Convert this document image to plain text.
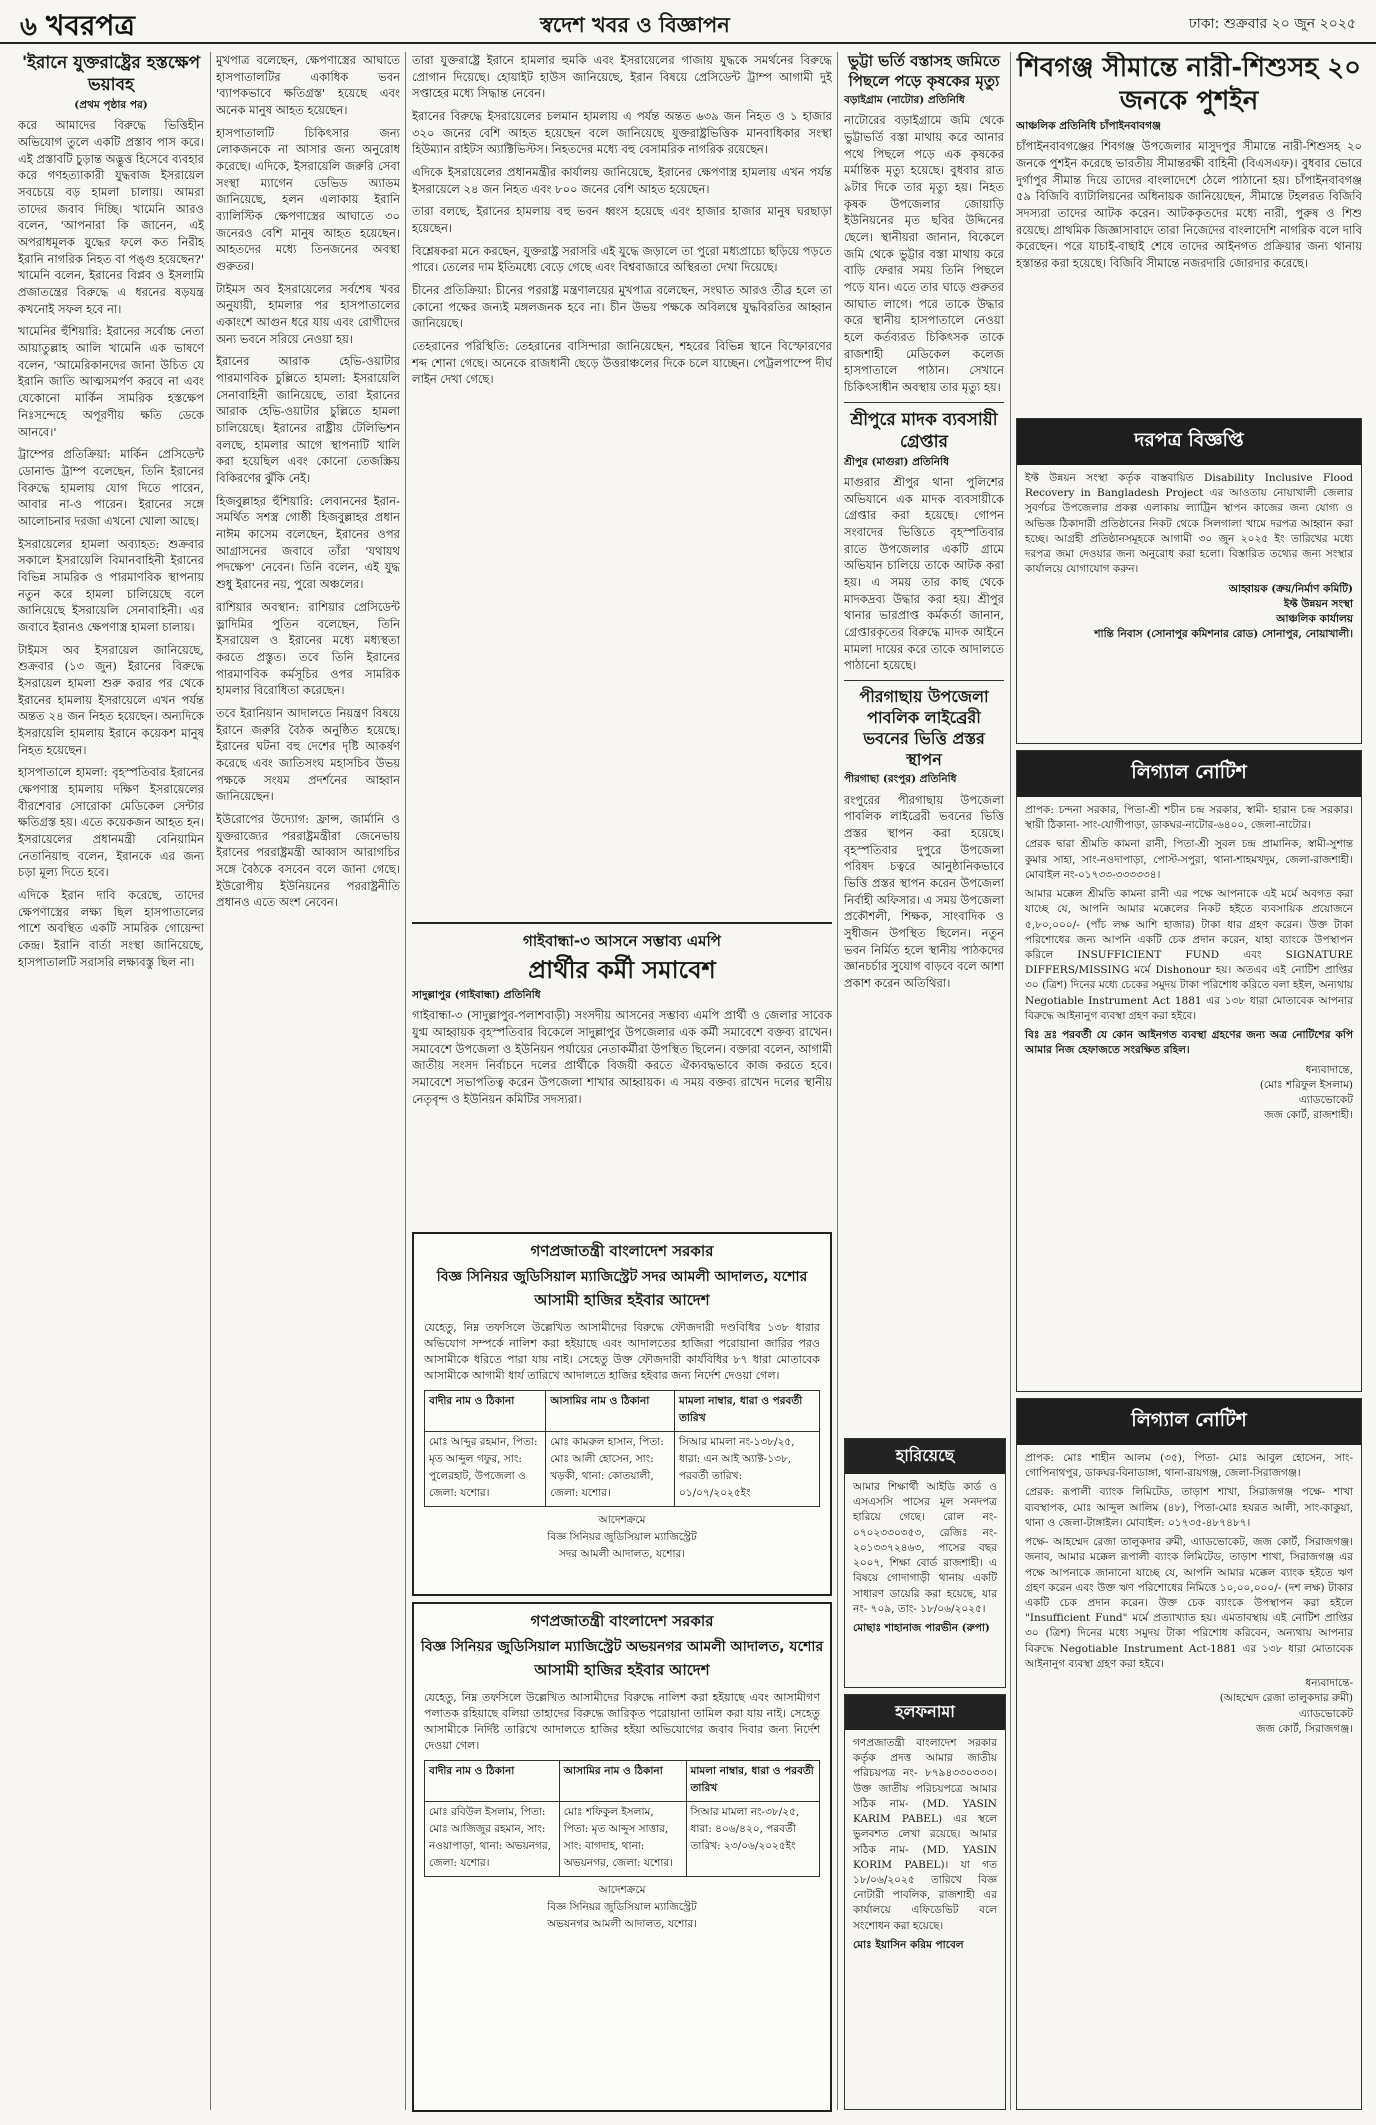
৬ খবরপত্র	স্বদেশ খবর ও বিজ্ঞাপন	ঢাকা: শুক্রবার ২০ জুন ২০২৫
'ইরানে যুক্তরাষ্ট্রের হস্তক্ষেপ ভয়াবহ
(প্রথম পৃষ্ঠার পর)

করে আমাদের বিরুদ্ধে ভিত্তিহীন অভিযোগ তুলে একটি প্রস্তাব পাস করে। এই প্রস্তাবটি চুড়ান্ত অদ্ভুত্ত হিসেবে ব্যবহার করে গণহত্যাকারী যুদ্ধবাজ ইসরায়েল সবচেয়ে বড় হামলা চালায়। আমরা তাদের জবাব দিচ্ছি। খামেনি আরও বলেন, 'আপনারা কি জানেন, এই অপরাধমূলক যুদ্ধের ফলে কত নিরীহ ইরানি নাগরিক নিহত বা পঙ্গু হয়েছেন?' খামেনি বলেন, ইরানের বিপ্লব ও ইসলামি প্রজাতন্ত্রের বিরুদ্ধে এ ধরনের ষড়যন্ত্র কখনোই সফল হবে না।

খামেনির হুঁশিয়ারি: ইরানের সর্বোচ্চ নেতা আয়াতুল্লাহ আলি খামেনি এক ভাষণে বলেন, 'আমেরিকানদের জানা উচিত যে ইরানি জাতি আত্মসমর্পণ করবে না এবং যেকোনো মার্কিন সামরিক হস্তক্ষেপ নিঃসন্দেহে অপূরণীয় ক্ষতি ডেকে আনবে।'

ট্রাম্পের প্রতিক্রিয়া: মার্কিন প্রেসিডেন্ট ডোনাল্ড ট্রাম্প বলেছেন, তিনি ইরানের বিরুদ্ধে হামলায় যোগ দিতে পারেন, আবার না-ও পারেন। ইরানের সঙ্গে আলোচনার দরজা এখনো খোলা আছে।

ইসরায়েলের হামলা অব্যাহত: শুক্রবার সকালে ইসরায়েলি বিমানবাহিনী ইরানের বিভিন্ন সামরিক ও পারমাণবিক স্থাপনায় নতুন করে হামলা চালিয়েছে বলে জানিয়েছে ইসরায়েলি সেনাবাহিনী। এর জবাবে ইরানও ক্ষেপণাস্ত্র হামলা চালায়।

টাইমস অব ইসরায়েল জানিয়েছে, শুক্রবার (১৩ জুন) ইরানের বিরুদ্ধে ইসরায়েল হামলা শুরু করার পর থেকে ইরানের হামলায় ইসরায়েলে এখন পর্যন্ত অন্তত ২৪ জন নিহত হয়েছেন। অন্যদিকে ইসরায়েলি হামলায় ইরানে কয়েকশ মানুষ নিহত হয়েছেন।

হাসপাতালে হামলা: বৃহস্পতিবার ইরানের ক্ষেপণাস্ত্র হামলায় দক্ষিণ ইসরায়েলের বীরশেবার সোরোকা মেডিকেল সেন্টার ক্ষতিগ্রস্ত হয়। এতে কয়েকজন আহত হন। ইসরায়েলের প্রধানমন্ত্রী বেনিয়ামিন নেতানিয়াহু বলেন, ইরানকে এর জন্য চড়া মূল্য দিতে হবে।

এদিকে ইরান দাবি করেছে, তাদের ক্ষেপণাস্ত্রের লক্ষ্য ছিল হাসপাতালের পাশে অবস্থিত একটি সামরিক গোয়েন্দা কেন্দ্র। ইরানি বার্তা সংস্থা জানিয়েছে, হাসপাতালটি সরাসরি লক্ষ্যবস্তু ছিল না।

মুখপাত্র বলেছেন, ক্ষেপণাস্ত্রের আঘাতে হাসপাতালটির একাধিক ভবন 'ব্যাপকভাবে ক্ষতিগ্রস্ত' হয়েছে এবং অনেক মানুষ আহত হয়েছেন।

হাসপাতালটি চিকিৎসার জন্য লোকজনকে না আসার জন্য অনুরোধ করেছে। এদিকে, ইসরায়েলি জরুরি সেবা সংস্থা ম্যাগেন ডেভিড অ্যাডম জানিয়েছে, হলন এলাকায় ইরানি ব্যালিস্টিক ক্ষেপণাস্ত্রের আঘাতে ৩০ জনেরও বেশি মানুষ আহত হয়েছেন। আহতদের মধ্যে তিনজনের অবস্থা গুরুতর।

টাইমস অব ইসরায়েলের সর্বশেষ খবর অনুযায়ী, হামলার পর হাসপাতালের একাংশে আগুন ধরে যায় এবং রোগীদের অন্য ভবনে সরিয়ে নেওয়া হয়।

ইরানের আরাক হেভি-ওয়াটার পারমাণবিক চুল্লিতে হামলা: ইসরায়েলি সেনাবাহিনী জানিয়েছে, তারা ইরানের আরাক হেভি-ওয়াটার চুল্লিতে হামলা চালিয়েছে। ইরানের রাষ্ট্রীয় টেলিভিশন বলছে, হামলার আগে স্থাপনাটি খালি করা হয়েছিল এবং কোনো তেজস্ক্রিয় বিকিরণের ঝুঁকি নেই।

হিজবুল্লাহর হুঁশিয়ারি: লেবাননের ইরান-সমর্থিত সশস্ত্র গোষ্ঠী হিজবুল্লাহর প্রধান নাঈম কাসেম বলেছেন, ইরানের ওপর আগ্রাসনের জবাবে তাঁরা 'যথাযথ পদক্ষেপ' নেবেন। তিনি বলেন, এই যুদ্ধ শুধু ইরানের নয়, পুরো অঞ্চলের।

রাশিয়ার অবস্থান: রাশিয়ার প্রেসিডেন্ট ভ্লাদিমির পুতিন বলেছেন, তিনি ইসরায়েল ও ইরানের মধ্যে মধ্যস্থতা করতে প্রস্তুত। তবে তিনি ইরানের পারমাণবিক কর্মসূচির ওপর সামরিক হামলার বিরোধিতা করেছেন।

তবে ইরানিয়ান আদালতে নিয়ন্ত্রণ বিষয়ে ইরানে জরুরি বৈঠক অনুষ্ঠিত হয়েছে। ইরানের ঘটনা বহু দেশের দৃষ্টি আকর্ষণ করেছে এবং জাতিসংঘ মহাসচিব উভয় পক্ষকে সংযম প্রদর্শনের আহ্বান জানিয়েছেন।

ইউরোপের উদ্যোগ: ফ্রান্স, জার্মানি ও যুক্তরাজ্যের পররাষ্ট্রমন্ত্রীরা জেনেভায় ইরানের পররাষ্ট্রমন্ত্রী আব্বাস আরাগচির সঙ্গে বৈঠকে বসবেন বলে জানা গেছে। ইউরোপীয় ইউনিয়নের পররাষ্ট্রনীতি প্রধানও এতে অংশ নেবেন।

তারা যুক্তরাষ্ট্রে ইরানে হামলার হুমকি এবং ইসরায়েলের গাজায় যুদ্ধকে সমর্থনের বিরুদ্ধে প্রোগান দিয়েছে। হোয়াইট হাউস জানিয়েছে, ইরান বিষয়ে প্রেসিডেন্ট ট্রাম্প আগামী দুই সপ্তাহের মধ্যে সিদ্ধান্ত নেবেন।

ইরানের বিরুদ্ধে ইসরায়েলের চলমান হামলায় এ পর্যন্ত অন্তত ৬৩৯ জন নিহত ও ১ হাজার ৩২০ জনের বেশি আহত হয়েছেন বলে জানিয়েছে যুক্তরাষ্ট্রভিত্তিক মানবাধিকার সংস্থা হিউম্যান রাইটস অ্যাক্টিভিস্টস। নিহতদের মধ্যে বহু বেসামরিক নাগরিক রয়েছেন।

এদিকে ইসরায়েলের প্রধানমন্ত্রীর কার্যালয় জানিয়েছে, ইরানের ক্ষেপণাস্ত্র হামলায় এখন পর্যন্ত ইসরায়েলে ২৪ জন নিহত এবং ৮০০ জনের বেশি আহত হয়েছেন।

তারা বলছে, ইরানের হামলায় বহু ভবন ধ্বংস হয়েছে এবং হাজার হাজার মানুষ ঘরছাড়া হয়েছেন।

বিশ্লেষকরা মনে করছেন, যুক্তরাষ্ট্র সরাসরি এই যুদ্ধে জড়ালে তা পুরো মধ্যপ্রাচ্যে ছড়িয়ে পড়তে পারে। তেলের দাম ইতিমধ্যে বেড়ে গেছে এবং বিশ্ববাজারে অস্থিরতা দেখা দিয়েছে।

চীনের প্রতিক্রিয়া: চীনের পররাষ্ট্র মন্ত্রণালয়ের মুখপাত্র বলেছেন, সংঘাত আরও তীব্র হলে তা কোনো পক্ষের জন্যই মঙ্গলজনক হবে না। চীন উভয় পক্ষকে অবিলম্বে যুদ্ধবিরতির আহ্বান জানিয়েছে।

তেহরানের পরিস্থিতি: তেহরানের বাসিন্দারা জানিয়েছেন, শহরের বিভিন্ন স্থানে বিস্ফোরণের শব্দ শোনা গেছে। অনেকে রাজধানী ছেড়ে উত্তরাঞ্চলের দিকে চলে যাচ্ছেন। পেট্রলপাম্পে দীর্ঘ লাইন দেখা গেছে।

গাইবান্ধা-৩ আসনে সম্ভাব্য এমপি
প্রার্থীর কর্মী সমাবেশ
সাদুল্লাপুর (গাইবান্ধা) প্রতিনিধি

গাইবান্ধা-৩ (সাদুল্লাপুর-পলাশবাড়ী) সংসদীয় আসনের সম্ভাব্য এমপি প্রার্থী ও জেলার সাবেক যুগ্ম আহ্বায়ক বৃহস্পতিবার বিকেলে সাদুল্লাপুর উপজেলার এক কর্মী সমাবেশে বক্তব্য রাখেন। সমাবেশে উপজেলা ও ইউনিয়ন পর্যায়ের নেতাকর্মীরা উপস্থিত ছিলেন। বক্তারা বলেন, আগামী জাতীয় সংসদ নির্বাচনে দলের প্রার্থীকে বিজয়ী করতে ঐক্যবদ্ধভাবে কাজ করতে হবে। সমাবেশে সভাপতিত্ব করেন উপজেলা শাখার আহ্বায়ক। এ সময় বক্তব্য রাখেন দলের স্থানীয় নেতৃবৃন্দ ও ইউনিয়ন কমিটির সদস্যরা।

গণপ্রজাতন্ত্রী বাংলাদেশ সরকার
বিজ্ঞ সিনিয়র জুডিসিয়াল ম্যাজিস্ট্রেট সদর আমলী আদালত, যশোর
আসামী হাজির হইবার আদেশ
যেহেতু, নিম্ন তফসিলে উল্লেখিত আসামীদের বিরুদ্ধে ফৌজদারী দণ্ডবিধির ১৩৮ ধারার অভিযোগ সম্পর্কে নালিশ করা হইয়াছে এবং আদালতের হাজিরা পরোয়ানা জারির পরও আসামীকে ধরিতে পারা যায় নাই। সেহেতু উক্ত ফৌজদারী কার্যবিধির ৮৭ ধারা মোতাবেক আসামীকে আগামী ধার্য তারিখে আদালতে হাজির হইবার জন্য নির্দেশ দেওয়া গেল।
বাদীর নাম ও ঠিকানা	আসামির নাম ও ঠিকানা	মামলা নাম্বার, ধারা ও পরবর্তী তারিখ
মোঃ আব্দুর রহমান, পিতা: মৃত আব্দুল গফুর, সাং: পুলেরহাট, উপজেলা ও জেলা: যশোর।	মোঃ কামরুল হাসান, পিতা: মোঃ আলী হোসেন, সাং: খড়কী, থানা: কোতয়ালী, জেলা: যশোর।	সিআর মামলা নং-১৩৮/২৫, ধারা: এন আই অ্যাক্ট-১৩৮, পরবর্তী তারিখ: ০১/০৭/২০২৫ইং
আদেশক্রমে
বিজ্ঞ সিনিয়র জুডিসিয়াল ম্যাজিস্ট্রেট
সদর আমলী আদালত, যশোর।
গণপ্রজাতন্ত্রী বাংলাদেশ সরকার
বিজ্ঞ সিনিয়র জুডিসিয়াল ম্যাজিস্ট্রেট অভয়নগর আমলী আদালত, যশোর
আসামী হাজির হইবার আদেশ
যেহেতু, নিম্ন তফসিলে উল্লেখিত আসামীদের বিরুদ্ধে নালিশ করা হইয়াছে এবং আসামীগণ পলাতক রহিয়াছে বলিয়া তাহাদের বিরুদ্ধে জারিকৃত পরোয়ানা তামিল করা যায় নাই। সেহেতু আসামীকে নির্দিষ্ট তারিখে আদালতে হাজির হইয়া অভিযোগের জবাব দিবার জন্য নির্দেশ দেওয়া গেল।
বাদীর নাম ও ঠিকানা	আসামির নাম ও ঠিকানা	মামলা নাম্বার, ধারা ও পরবর্তী তারিখ
মোঃ রবিউল ইসলাম, পিতা: মোঃ আজিজুর রহমান, সাং: নওয়াপাড়া, থানা: অভয়নগর, জেলা: যশোর।	মোঃ শফিকুল ইসলাম, পিতা: মৃত আব্দুস সাত্তার, সাং: বাগদাহ, থানা: অভয়নগর, জেলা: যশোর।	সিআর মামলা নং-৩৮/২৫, ধারা: ৪০৬/৪২০, পরবর্তী তারিখ: ২৩/০৬/২০২৫ইং
আদেশক্রমে
বিজ্ঞ সিনিয়র জুডিসিয়াল ম্যাজিস্ট্রেট
অভয়নগর আমলী আদালত, যশোর।
ভুট্টা ভর্তি বস্তাসহ জমিতে পিছলে পড়ে কৃষকের মৃত্যু
বড়াইগ্রাম (নাটোর) প্রতিনিধি

নাটোরের বড়াইগ্রামে জমি থেকে ভুট্টাভর্তি বস্তা মাথায় করে আনার পথে পিছলে পড়ে এক কৃষকের মর্মান্তিক মৃত্যু হয়েছে। বুধবার রাত ৯টার দিকে তার মৃত্যু হয়। নিহত কৃষক উপজেলার জোয়াড়ি ইউনিয়নের মৃত ছবির উদ্দিনের ছেলে। স্থানীয়রা জানান, বিকেলে জমি থেকে ভুট্টার বস্তা মাথায় করে বাড়ি ফেরার সময় তিনি পিছলে পড়ে যান। এতে তার ঘাড়ে গুরুতর আঘাত লাগে। পরে তাকে উদ্ধার করে স্থানীয় হাসপাতালে নেওয়া হলে কর্তব্যরত চিকিৎসক তাকে রাজশাহী মেডিকেল কলেজ হাসপাতালে পাঠান। সেখানে চিকিৎসাধীন অবস্থায় তার মৃত্যু হয়।

শ্রীপুরে মাদক ব্যবসায়ী গ্রেপ্তার
শ্রীপুর (মাগুরা) প্রতিনিধি

মাগুরার শ্রীপুর থানা পুলিশের অভিযানে এক মাদক ব্যবসায়ীকে গ্রেপ্তার করা হয়েছে। গোপন সংবাদের ভিত্তিতে বৃহস্পতিবার রাতে উপজেলার একটি গ্রামে অভিযান চালিয়ে তাকে আটক করা হয়। এ সময় তার কাছ থেকে মাদকদ্রব্য উদ্ধার করা হয়। শ্রীপুর থানার ভারপ্রাপ্ত কর্মকর্তা জানান, গ্রেপ্তারকৃতের বিরুদ্ধে মাদক আইনে মামলা দায়ের করে তাকে আদালতে পাঠানো হয়েছে।

পীরগাছায় উপজেলা পাবলিক লাইব্রেরী ভবনের ভিত্তি প্রস্তর স্থাপন
পীরগাছা (রংপুর) প্রতিনিধি

রংপুরের পীরগাছায় উপজেলা পাবলিক লাইব্রেরী ভবনের ভিত্তি প্রস্তর স্থাপন করা হয়েছে। বৃহস্পতিবার দুপুরে উপজেলা পরিষদ চত্বরে আনুষ্ঠানিকভাবে ভিত্তি প্রস্তর স্থাপন করেন উপজেলা নির্বাহী অফিসার। এ সময় উপজেলা প্রকৌশলী, শিক্ষক, সাংবাদিক ও সুধীজন উপস্থিত ছিলেন। নতুন ভবন নির্মিত হলে স্থানীয় পাঠকদের জ্ঞানচর্চার সুযোগ বাড়বে বলে আশা প্রকাশ করেন অতিথিরা।

হারিয়েছে

আমার শিক্ষার্থী আইডি কার্ড ও এসএসসি পাসের মূল সনদপত্র হারিয়ে গেছে। রোল নং- ০৭০২৩৩০৩৫৩, রেজিঃ নং- ২০১৩৩৭২৪৬৩, পাসের বছর ২০০৭, শিক্ষা বোর্ড রাজশাহী। এ বিষয়ে গোদাগাড়ী থানায় একটি সাধারণ ডায়েরি করা হয়েছে, যার নং- ৭০৯, তাং- ১৮/০৬/২০২৫।

মোছাঃ শাহানাজ পারভীন (রুপা)

হলফনামা

গণপ্রজাতন্ত্রী বাংলাদেশ সরকার কর্তৃক প্রদত্ত আমার জাতীয় পরিচয়পত্র নং- ৮৭৯৪৩৩০৩৩৩। উক্ত জাতীয় পরিচয়পত্রে আমার সঠিক নাম- (MD. YASIN KARIM PABEL) এর স্থলে ভুলবশত লেখা রয়েছে। আমার সঠিক নাম- (MD. YASIN KORIM PABEL)। যা গত ১৮/০৬/২০২৫ তারিখে বিজ্ঞ নোটারী পাবলিক, রাজশাহী এর কার্যালয়ে এফিডেভিট বলে সংশোধন করা হয়েছে।

মোঃ ইয়াসিন করিম পাবেল

শিবগঞ্জ সীমান্তে নারী-শিশুসহ ২০ জনকে পুশইন
আঞ্চলিক প্রতিনিধি চাঁপাইনবাবগঞ্জ

চাঁপাইনবাবগঞ্জের শিবগঞ্জ উপজেলার মাসুদপুর সীমান্তে নারী-শিশুসহ ২০ জনকে পুশইন করেছে ভারতীয় সীমান্তরক্ষী বাহিনী (বিএসএফ)। বুধবার ভোরে দুর্গাপুর সীমান্ত দিয়ে তাদের বাংলাদেশে ঠেলে পাঠানো হয়। চাঁপাইনবাবগঞ্জ ৫৯ বিজিবি ব্যাটালিয়নের অধিনায়ক জানিয়েছেন, সীমান্তে টহলরত বিজিবি সদস্যরা তাদের আটক করেন। আটককৃতদের মধ্যে নারী, পুরুষ ও শিশু রয়েছে। প্রাথমিক জিজ্ঞাসাবাদে তারা নিজেদের বাংলাদেশি নাগরিক বলে দাবি করেছেন। পরে যাচাই-বাছাই শেষে তাদের আইনগত প্রক্রিয়ার জন্য থানায় হস্তান্তর করা হয়েছে। বিজিবি সীমান্তে নজরদারি জোরদার করেছে।

দরপত্র বিজ্ঞপ্তি

ইফ্ট উন্নয়ন সংস্থা কর্তৃক বাস্তবায়িত Disability Inclusive Flood Recovery in Bangladesh Project এর আওতায় নোয়াখালী জেলার সুবর্ণচর উপজেলার প্রকল্প এলাকায় ল্যাট্রিন স্থাপন কাজের জন্য যোগ্য ও অভিজ্ঞ ঠিকাদারী প্রতিষ্ঠানের নিকট থেকে সিলগালা খামে দরপত্র আহ্বান করা হচ্ছে। আগ্রহী প্রতিষ্ঠানসমূহকে আগামী ৩০ জুন ২০২৫ ইং তারিখের মধ্যে দরপত্র জমা দেওয়ার জন্য অনুরোধ করা হলো। বিস্তারিত তথ্যের জন্য সংস্থার কার্যালয়ে যোগাযোগ করুন।

আহ্বায়ক (ক্রয়/নির্মাণ কমিটি)
ইফ্ট উন্নয়ন সংস্থা
আঞ্চলিক কার্যালয়
শান্তি নিবাস (সোনাপুর কমিশনার রোড) সোনাপুর, নোয়াখালী।

লিগ্যাল নোটিশ

প্রাপক: চন্দনা সরকার, পিতা-শ্রী শচীন চন্দ্র সরকার, স্বামী- হারান চন্দ্র সরকার। স্থায়ী ঠিকানা- সাং-যোগীপাড়া, ডাকঘর-নাটোর-৬৪০০, জেলা-নাটোর।

প্রেরক দ্বারা শ্রীমতি কামনা রানী, পিতা-শ্রী সুবল চন্দ্র প্রামানিক, স্বামী-সুশান্ত কুমার সাহা, সাং-নওদাপাড়া, পোস্ট-সপুরা, থানা-শাহমখদুম, জেলা-রাজশাহী। মোবাইল নং-০১৭৩৩-৩৩৩৩৩৪।

আমার মক্কেল শ্রীমতি কামনা রানী এর পক্ষে আপনাকে এই মর্মে অবগত করা যাচ্ছে যে, আপনি আমার মক্কেলের নিকট হইতে ব্যবসায়িক প্রয়োজনে ৫,৮০,০০০/- (পাঁচ লক্ষ আশি হাজার) টাকা ধার গ্রহণ করেন। উক্ত টাকা পরিশোধের জন্য আপনি একটি চেক প্রদান করেন, যাহা ব্যাংকে উপস্থাপন করিলে INSUFFICIENT FUND এবং SIGNATURE DIFFERS/MISSING মর্মে Dishonour হয়। অতএব এই নোটিশ প্রাপ্তির ৩০ (ত্রিশ) দিনের মধ্যে চেকের সমুদয় টাকা পরিশোধ করিতে বলা হইল, অন্যথায় Negotiable Instrument Act 1881 এর ১৩৮ ধারা মোতাবেক আপনার বিরুদ্ধে আইনানুগ ব্যবস্থা গ্রহণ করা হইবে।

বিঃ দ্রঃ পরবর্তী যে কোন আইনগত ব্যবস্থা গ্রহণের জন্য অত্র নোটিশের কপি আমার নিজ হেফাজতে সংরক্ষিত রহিল।

ধন্যবাদান্তে,
(মোঃ শরিফুল ইসলাম)
এ্যাডভোকেট
জজ কোর্ট, রাজশাহী।

লিগ্যাল নোটিশ

প্রাপক: মোঃ শাহীন আলম (৩৫), পিতা- মোঃ আবুল হোসেন, সাং-গোপিনাথপুর, ডাকঘর-বিনাডাঙ্গা, থানা-রায়গঞ্জ, জেলা-সিরাজগঞ্জ।

প্রেরক: রূপালী ব্যাংক লিমিটেড, তাড়াশ শাখা, সিরাজগঞ্জ পক্ষে- শাখা ব্যবস্থাপক, মোঃ আব্দুল আলিম (৪৮), পিতা-মোঃ হযরত আলী, সাং-কাকুয়া, থানা ও জেলা-টাঙ্গাইল। মোবাইল: ০১৭৩৫-৪৮৭৪৮৭।

পক্ষে- আহম্মেদ রেজা তালুকদার রুমী, এ্যাডভোকেট, জজ কোর্ট, সিরাজগঞ্জ। জনাব, আমার মক্কেল রূপালী ব্যাংক লিমিটেড, তাড়াশ শাখা, সিরাজগঞ্জ এর পক্ষে আপনাকে জানানো যাচ্ছে যে, আপনি আমার মক্কেল ব্যাংক হইতে ঋণ গ্রহণ করেন এবং উক্ত ঋণ পরিশোধের নিমিত্তে ১০,০০,০০০/- (দশ লক্ষ) টাকার একটি চেক প্রদান করেন। উক্ত চেক ব্যাংকে উপস্থাপন করা হইলে "Insufficient Fund" মর্মে প্রত্যাখ্যাত হয়। এমতাবস্থায় এই নোটিশ প্রাপ্তির ৩০ (ত্রিশ) দিনের মধ্যে সমুদয় টাকা পরিশোধ করিবেন, অন্যথায় আপনার বিরুদ্ধে Negotiable Instrument Act-1881 এর ১৩৮ ধারা মোতাবেক আইনানুগ ব্যবস্থা গ্রহণ করা হইবে।

ধন্যবাদান্তে-
(আহম্মেদ রেজা তালুকদার রুমী)
এ্যাডভোকেট
জজ কোর্ট, সিরাজগঞ্জ।
